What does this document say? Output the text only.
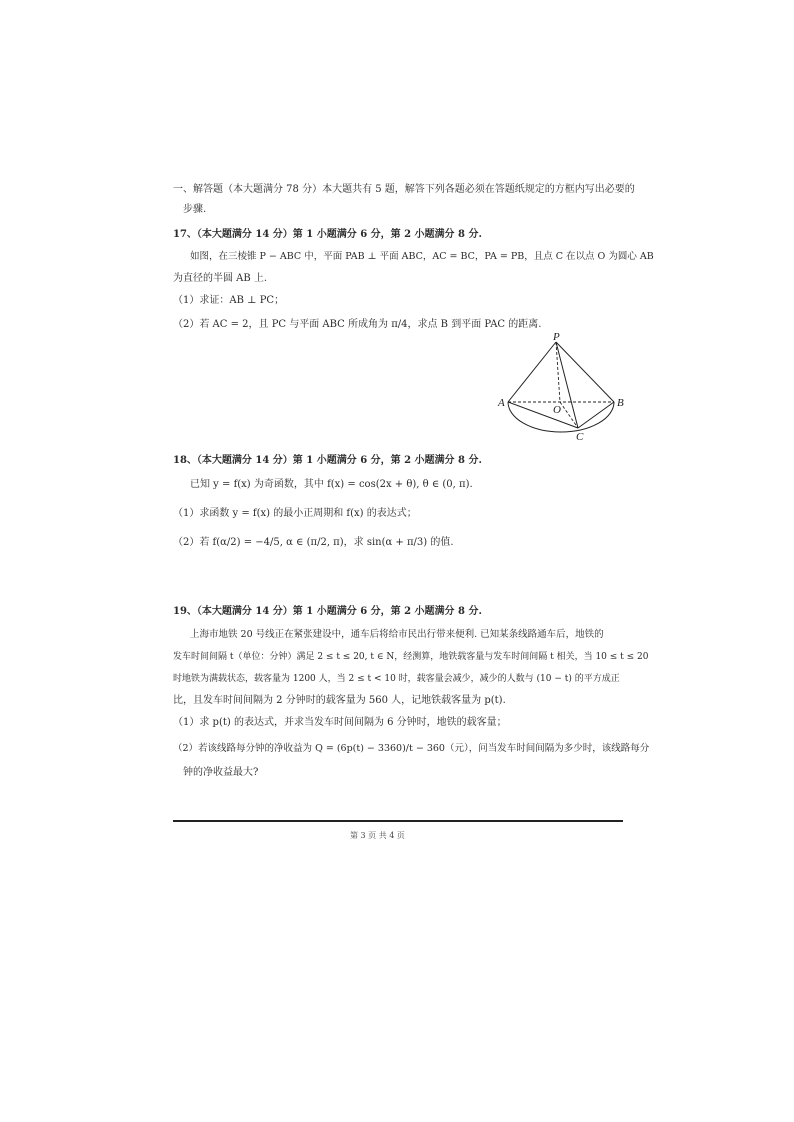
一、解答题（本大题满分 78 分）本大题共有 5 题，解答下列各题必须在答题纸规定的方框内写出必要的
步骤.
17、（本大题满分 14 分）第 1 小题满分 6 分，第 2 小题满分 8 分.
如图，在三棱锥 P − ABC 中，平面 PAB ⊥ 平面 ABC，AC = BC，PA = PB，且点 C 在以点 O 为圆心 AB
为直径的半圆 AB 上.
（1）求证：AB ⊥ PC；
（2）若 AC = 2，且 PC 与平面 ABC 所成角为 π/4，求点 B 到平面 PAC 的距离.
P
A	B
O
C
18、（本大题满分 14 分）第 1 小题满分 6 分，第 2 小题满分 8 分.
已知 y = f(x) 为奇函数，其中 f(x) = cos(2x + θ), θ ∈ (0, π).
（1）求函数 y = f(x) 的最小正周期和 f(x) 的表达式；
（2）若 f(α/2) = −4/5, α ∈ (π/2, π)，求 sin(α + π/3) 的值.
19、（本大题满分 14 分）第 1 小题满分 6 分，第 2 小题满分 8 分.
上海市地铁 20 号线正在紧张建设中，通车后将给市民出行带来便利. 已知某条线路通车后，地铁的
发车时间间隔 t（单位：分钟）满足 2 ≤ t ≤ 20, t ∈ N，经测算，地铁载客量与发车时间间隔 t 相关，当 10 ≤ t ≤ 20
时地铁为满载状态，载客量为 1200 人，当 2 ≤ t < 10 时，载客量会减少，减少的人数与 (10 − t) 的平方成正
比，且发车时间间隔为 2 分钟时的载客量为 560 人，记地铁载客量为 p(t).
（1）求 p(t) 的表达式，并求当发车时间间隔为 6 分钟时，地铁的载客量；
（2）若该线路每分钟的净收益为 Q = (6p(t) − 3360)/t − 360（元），问当发车时间间隔为多少时，该线路每分
钟的净收益最大?
第 3 页 共 4 页
